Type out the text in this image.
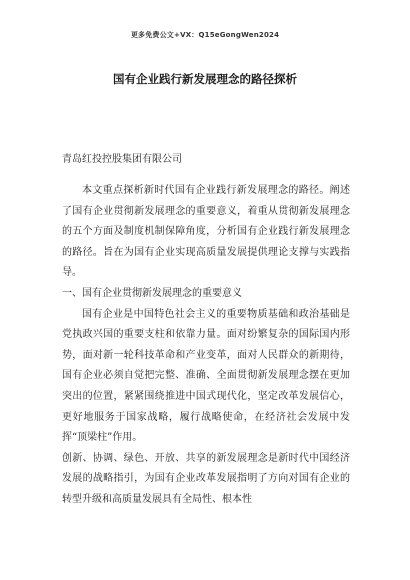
更多免费公文+VX：Q15eGongWen2024
国有企业践行新发展理念的路径探析
青岛红投控股集团有限公司

本文重点探析新时代国有企业践行新发展理念的路径。阐述了国有企业贯彻新发展理念的重要意义，着重从贯彻新发展理念的五个方面及制度机制保障角度，分析国有企业践行新发展理念的路径。旨在为国有企业实现高质量发展提供理论支撑与实践指导。

一、国有企业贯彻新发展理念的重要意义

国有企业是中国特色社会主义的重要物质基础和政治基础是党执政兴国的重要支柱和依靠力量。面对纷繁复杂的国际国内形势，面对新一轮科技革命和产业变革，面对人民群众的新期待，国有企业必须自觉把完整、准确、全面贯彻新发展理念摆在更加突出的位置，紧紧围绕推进中国式现代化，坚定改革发展信心，更好地服务于国家战略，履行战略使命，在经济社会发展中发挥“顶梁柱”作用。

创新、协调、绿色、开放、共享的新发展理念是新时代中国经济发展的战略指引，为国有企业改革发展指明了方向对国有企业的转型升级和高质量发展具有全局性、根本性
